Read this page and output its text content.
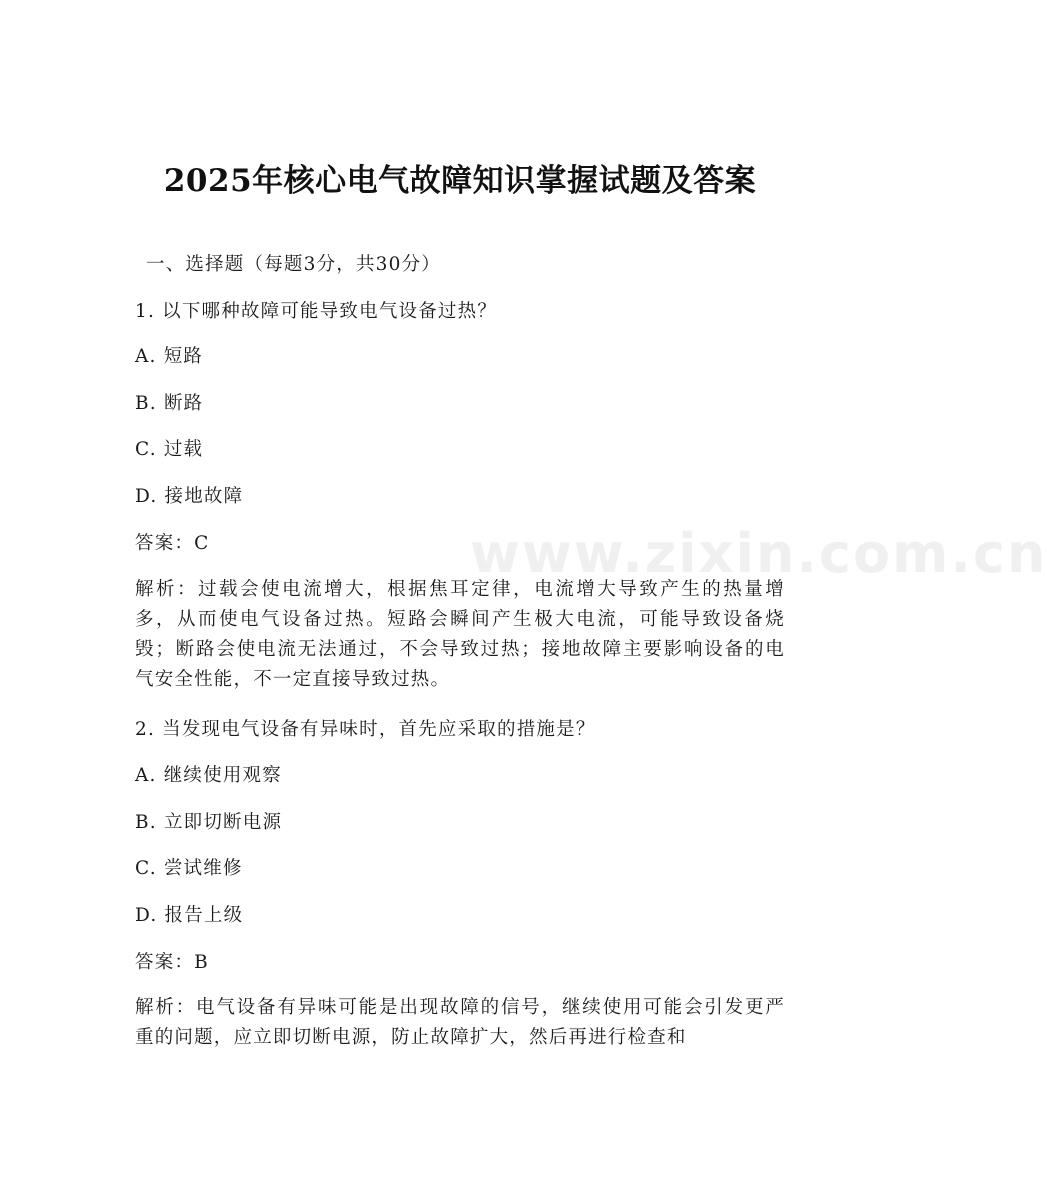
www.zixin.com.cn
2025年核心电气故障知识掌握试题及答案
一、选择题（每题3分，共30分）
1. 以下哪种故障可能导致电气设备过热？
A. 短路
B. 断路
C. 过载
D. 接地故障
答案：C
解析：过载会使电流增大，根据焦耳定律，电流增大导致产生的热量增多，从而使电气设备过热。短路会瞬间产生极大电流，可能导致设备烧毁；断路会使电流无法通过，不会导致过热；接地故障主要影响设备的电气安全性能，不一定直接导致过热。
2. 当发现电气设备有异味时，首先应采取的措施是？
A. 继续使用观察
B. 立即切断电源
C. 尝试维修
D. 报告上级
答案：B
解析：电气设备有异味可能是出现故障的信号，继续使用可能会引发更严重的问题，应立即切断电源，防止故障扩大，然后再进行检查和
